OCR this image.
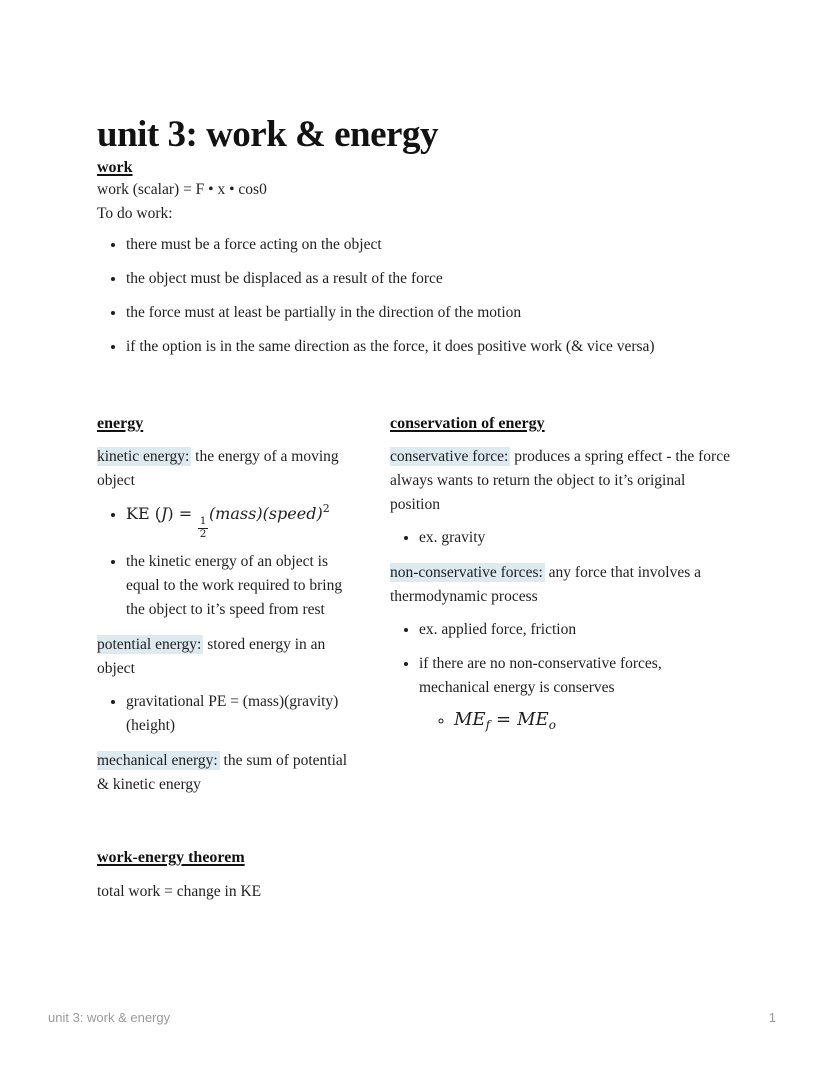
unit 3: work & energy
work

work (scalar) = F • x • cos0

To do work:

• there must be a force acting on the object
• the object must be displaced as a result of the force
• the force must at least be partially in the direction of the motion
• if the option is in the same direction as the force, it does positive work (& vice versa)
energy

kinetic energy: the energy of a moving object

• KE (J) =
$\frac{1}{2}$
(mass)(speed)$^2$
• the kinetic energy of an object is equal to the work required to bring the object to it’s speed from rest

potential energy: stored energy in an object

• gravitational PE = (mass)(gravity)(height)

mechanical energy: the sum of potential & kinetic energy

conservation of energy

conservative force: produces a spring effect - the force always wants to return the object to it’s original position

• ex. gravity

non-conservative forces: any force that involves a thermodynamic process

• ex. applied force, friction
• if there are no non-conservative forces, mechanical energy is conserves
◦ $ME_f = ME_o$
work-energy theorem

total work = change in KE

unit 3: work & energy	1
